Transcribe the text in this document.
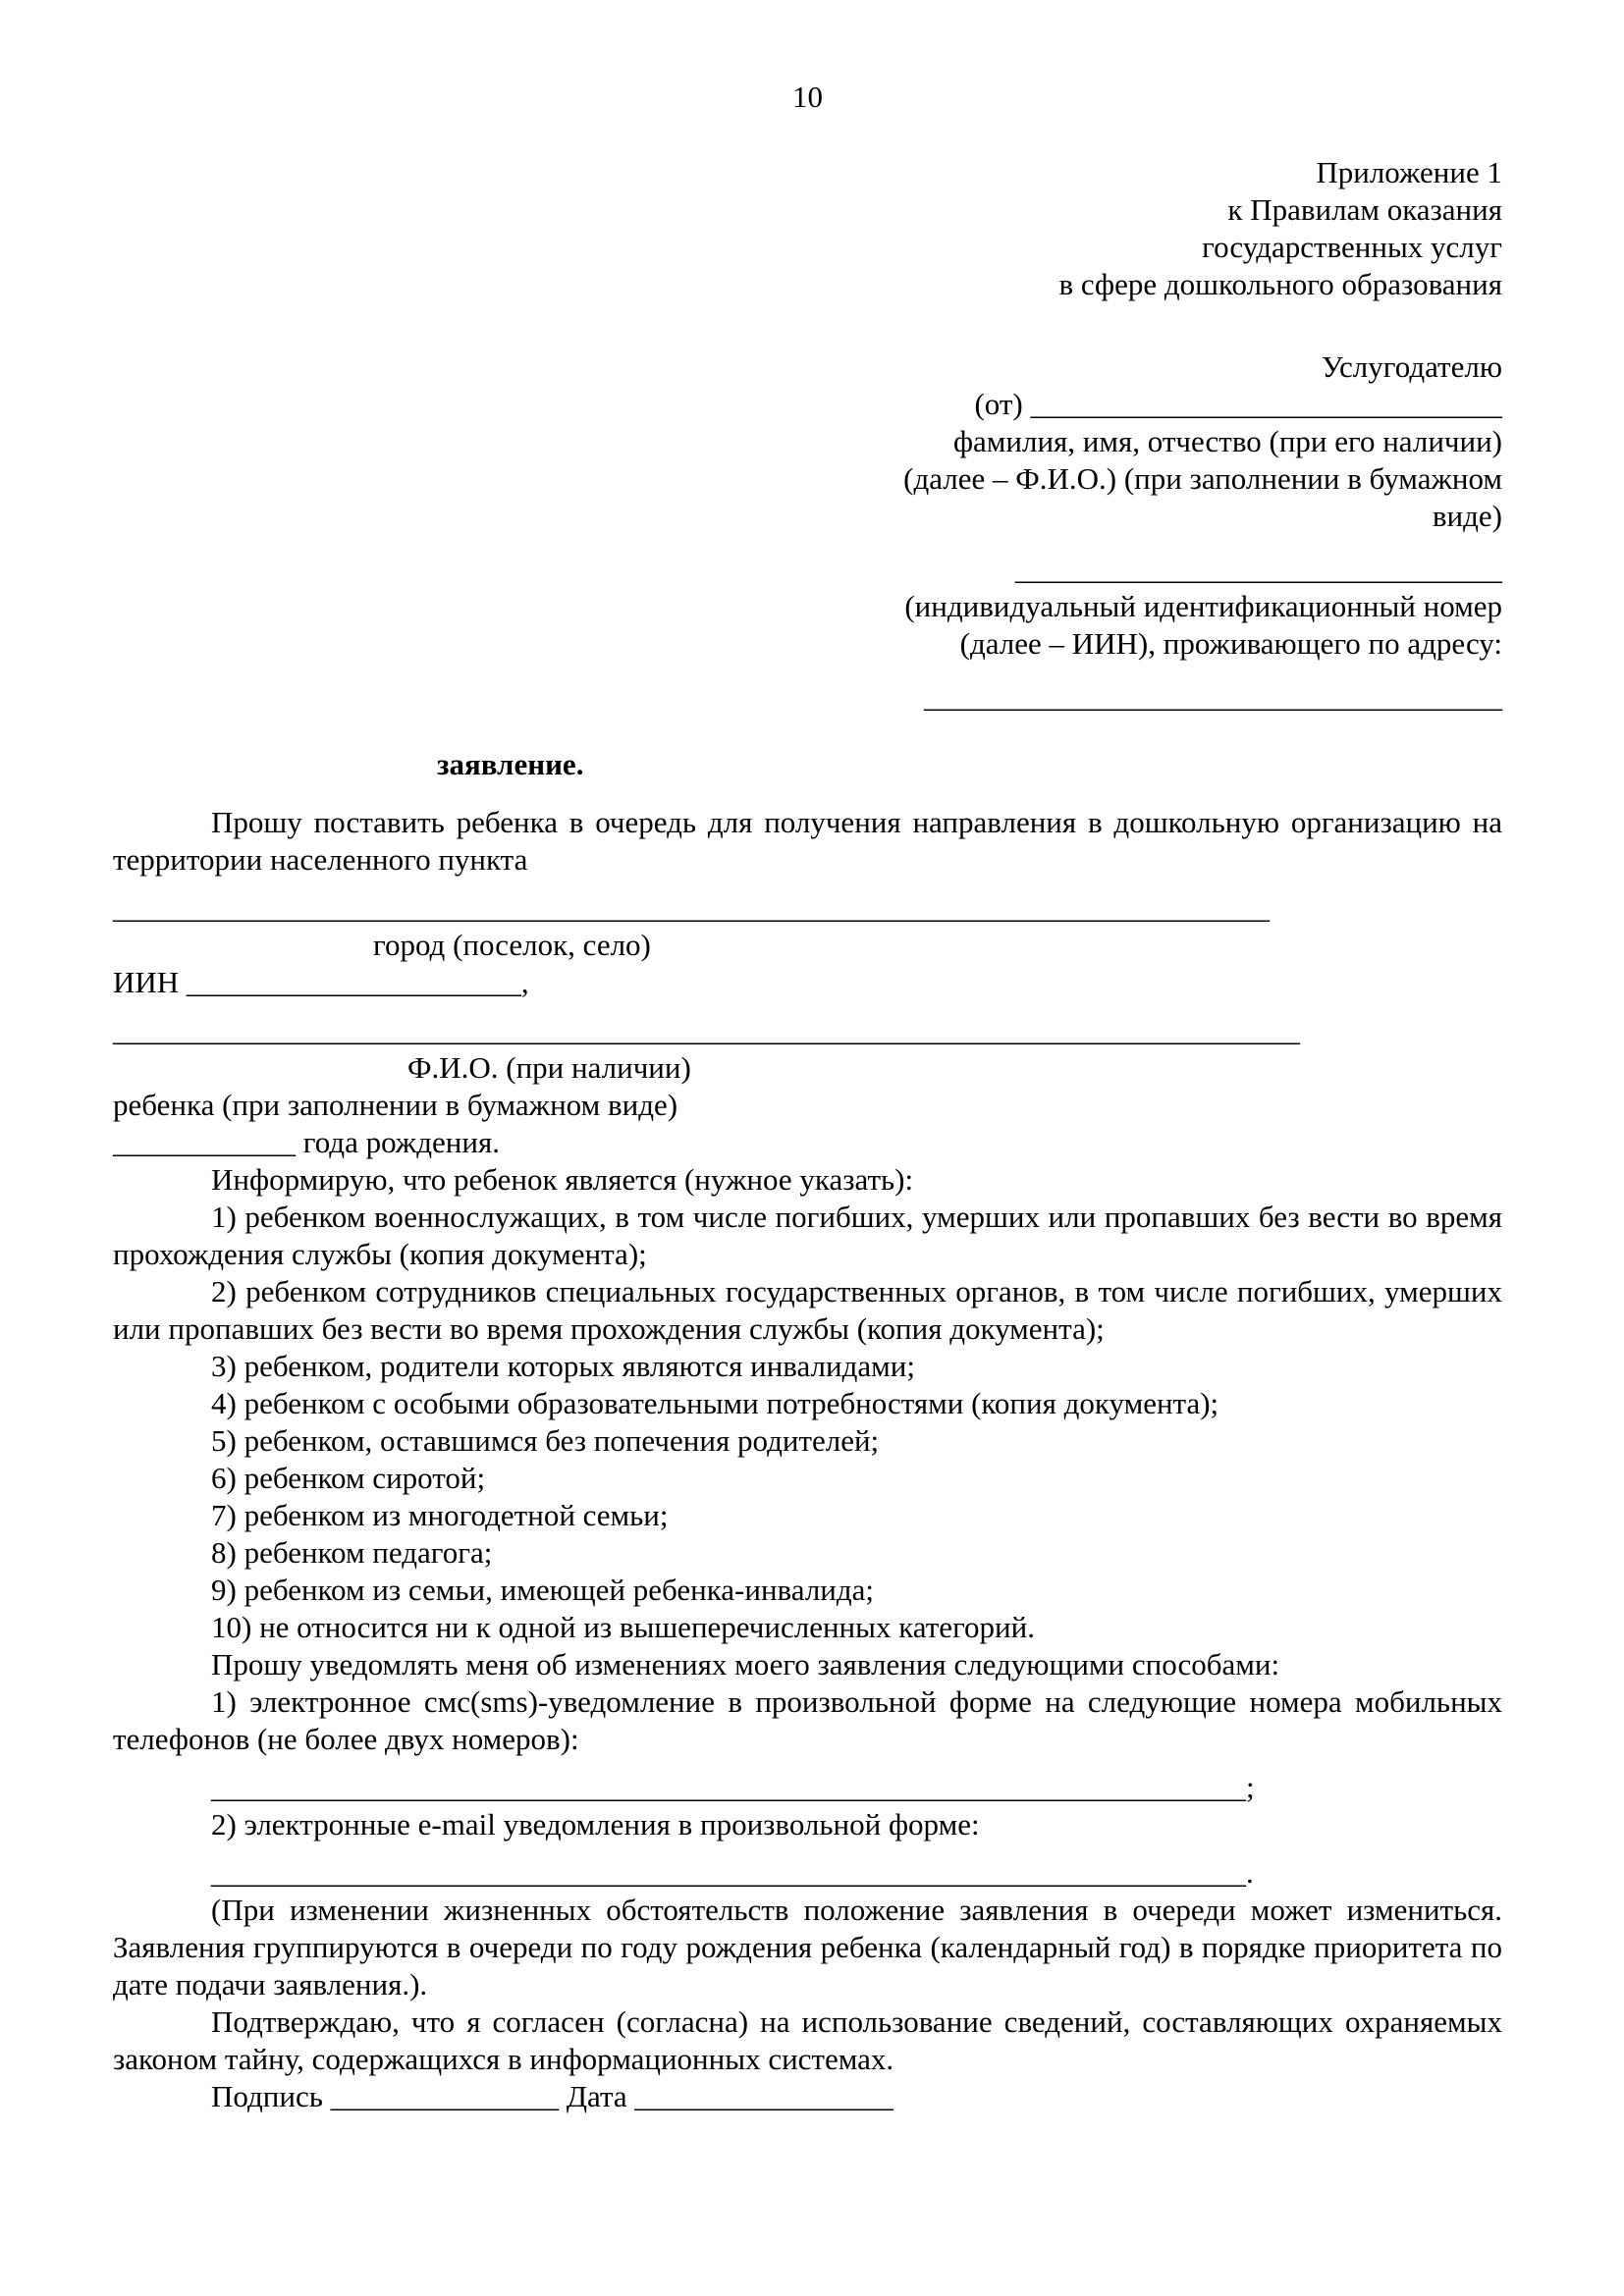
10
Приложение 1
к Правилам оказания
государственных услуг
в сфере дошкольного образования
Услугодателю
(от) _______________________________
фамилия, имя, отчество (при его наличии)
(далее – Ф.И.О.) (при заполнении в бумажном
виде)
________________________________
(индивидуальный идентификационный номер
(далее – ИИН), проживающего по адресу:
______________________________________
заявление.

Прошу поставить ребенка в очередь для получения направления в дошкольную организацию на территории населенного пункта

____________________________________________________________________________
город (поселок, село)
ИИН ______________________,
______________________________________________________________________________
Ф.И.О. (при наличии)
ребенка (при заполнении в бумажном виде)
____________ года рождения.

Информирую, что ребенок является (нужное указать):

1) ребенком военнослужащих, в том числе погибших, умерших или пропавших без вести во время прохождения службы (копия документа);

2) ребенком сотрудников специальных государственных органов, в том числе погибших, умерших или пропавших без вести во время прохождения службы (копия документа);

3) ребенком, родители которых являются инвалидами;

4) ребенком с особыми образовательными потребностями (копия документа);

5) ребенком, оставшимся без попечения родителей;

6) ребенком сиротой;

7) ребенком из многодетной семьи;

8) ребенком педагога;

9) ребенком из семьи, имеющей ребенка-инвалида;

10) не относится ни к одной из вышеперечисленных категорий.

Прошу уведомлять меня об изменениях моего заявления следующими способами:

1) электронное смс(sms)-уведомление в произвольной форме на следующие номера мобильных телефонов (не более двух номеров):

____________________________________________________________________;

2) электронные e-mail уведомления в произвольной форме:

____________________________________________________________________.

(При изменении жизненных обстоятельств положение заявления в очереди может измениться. Заявления группируются в очереди по году рождения ребенка (календарный год) в порядке приоритета по дате подачи заявления.).

Подтверждаю, что я согласен (согласна) на использование сведений, составляющих охраняемых законом тайну, содержащихся в информационных системах.

Подпись _______________ Дата _________________
